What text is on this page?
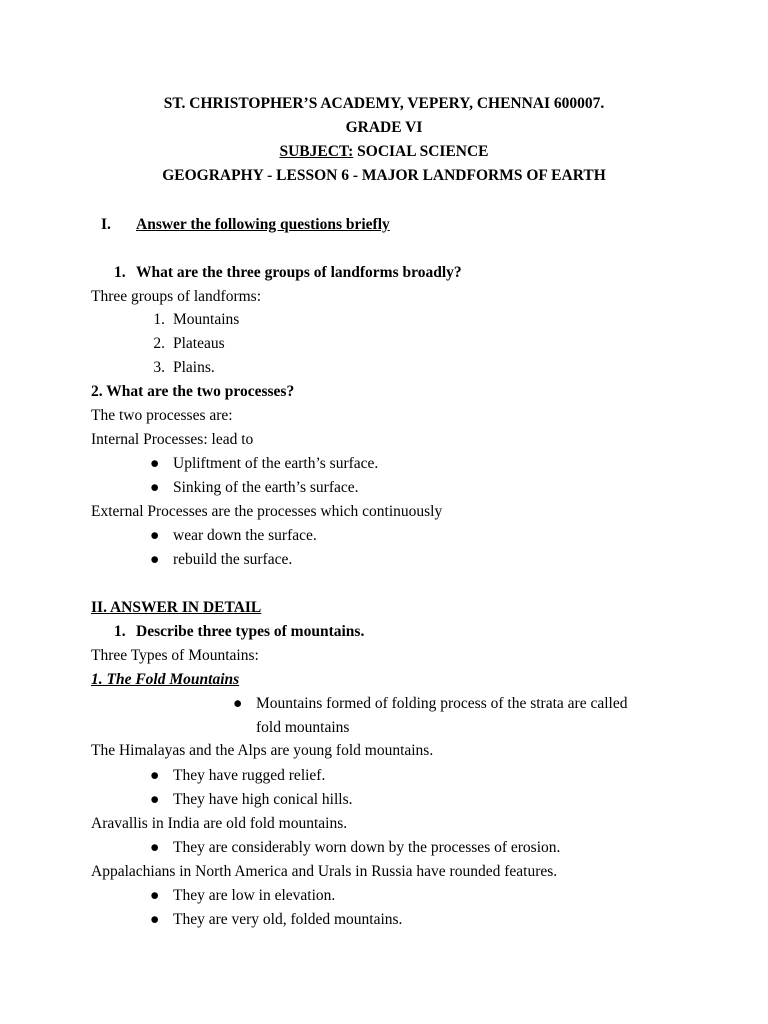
ST. CHRISTOPHER’S ACADEMY, VEPERY, CHENNAI 600007.
GRADE VI
SUBJECT: SOCIAL SCIENCE
GEOGRAPHY - LESSON 6 - MAJOR LANDFORMS OF EARTH
I. Answer the following questions briefly
1. What are the three groups of landforms broadly?
Three groups of landforms:
1. Mountains
2. Plateaus
3. Plains.
2. What are the two processes?
The two processes are:
Internal Processes: lead to
● Upliftment of the earth’s surface.
● Sinking of the earth’s surface.
External Processes are the processes which continuously
● wear down the surface.
● rebuild the surface.
II. ANSWER IN DETAIL
1. Describe three types of mountains.
Three Types of Mountains:
1. The Fold Mountains
● Mountains formed of folding process of the strata are called
fold mountains
The Himalayas and the Alps are young fold mountains.
● They have rugged relief.
● They have high conical hills.
Aravallis in India are old fold mountains.
● They are considerably worn down by the processes of erosion.
Appalachians in North America and Urals in Russia have rounded features.
● They are low in elevation.
● They are very old, folded mountains.
